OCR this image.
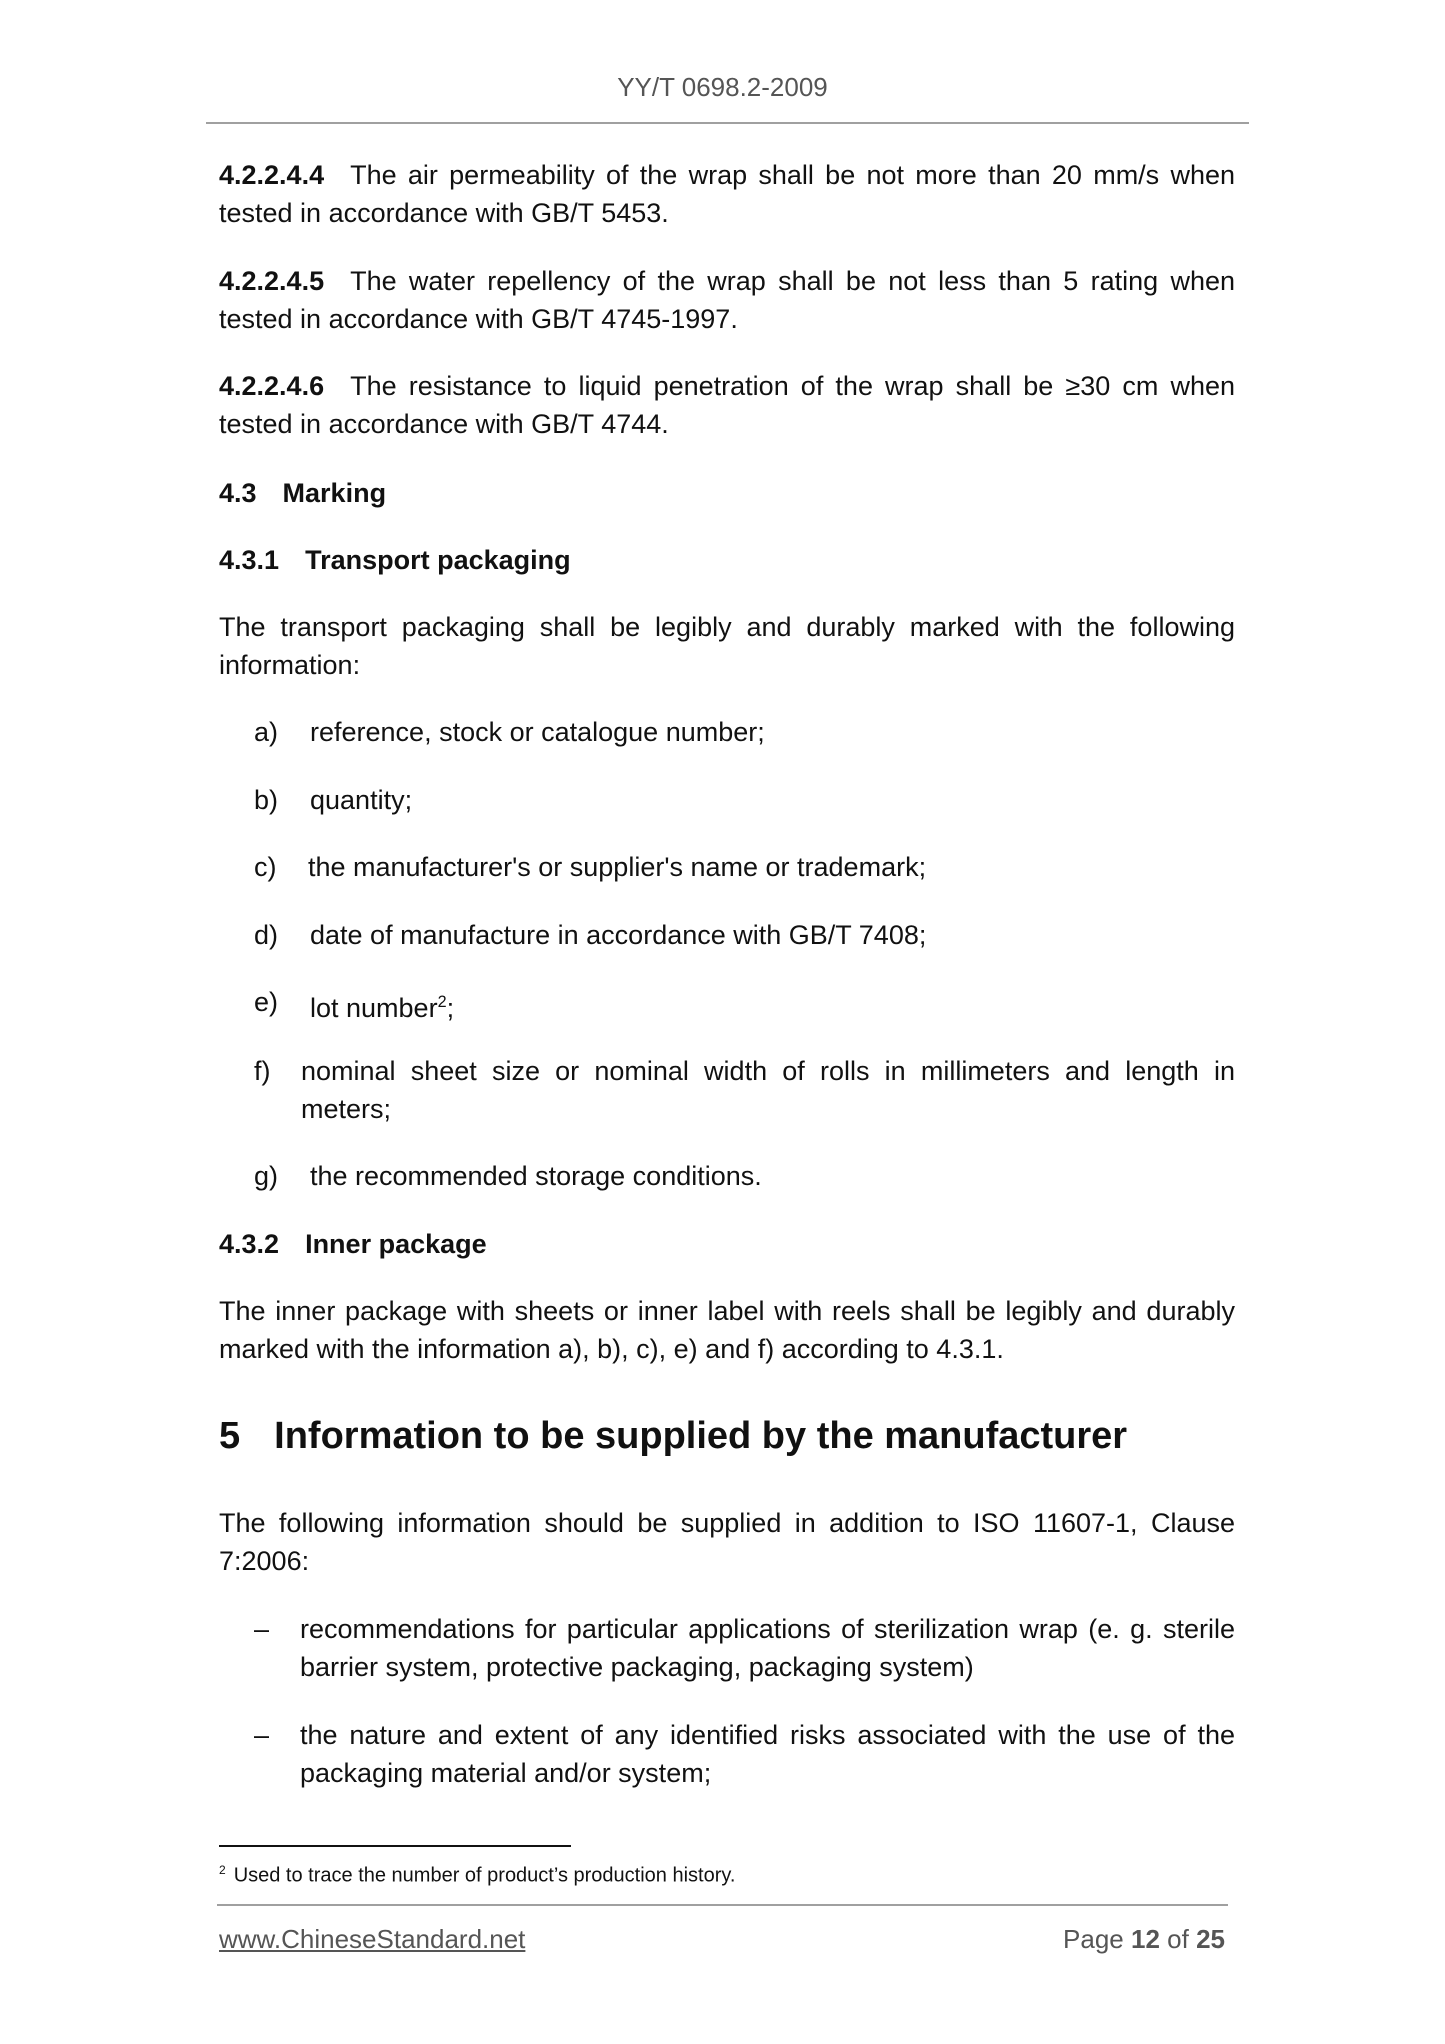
YY/T 0698.2-2009
4.2.2.4.4 The air permeability of the wrap shall be not more than 20 mm/s when tested in accordance with GB/T 5453.
4.2.2.4.5 The water repellency of the wrap shall be not less than 5 rating when tested in accordance with GB/T 4745-1997.
4.2.2.4.6 The resistance to liquid penetration of the wrap shall be ≥30 cm when tested in accordance with GB/T 4744.
4.3 Marking
4.3.1 Transport packaging
The transport packaging shall be legibly and durably marked with the following information:
a) reference, stock or catalogue number;
b) quantity;
c) the manufacturer's or supplier's name or trademark;
d) date of manufacture in accordance with GB/T 7408;
e) lot number$^2$;
f) nominal sheet size or nominal width of rolls in millimeters and length in meters;
g) the recommended storage conditions.
4.3.2 Inner package
The inner package with sheets or inner label with reels shall be legibly and durably marked with the information a), b), c), e) and f) according to 4.3.1.
5 Information to be supplied by the manufacturer
The following information should be supplied in addition to ISO 11607-1, Clause 7:2006:
– recommendations for particular applications of sterilization wrap (e. g. sterile barrier system, protective packaging, packaging system)
– the nature and extent of any identified risks associated with the use of the packaging material and/or system;
$^2$ Used to trace the number of product’s production history.
www.ChineseStandard.net	Page 12 of 25
